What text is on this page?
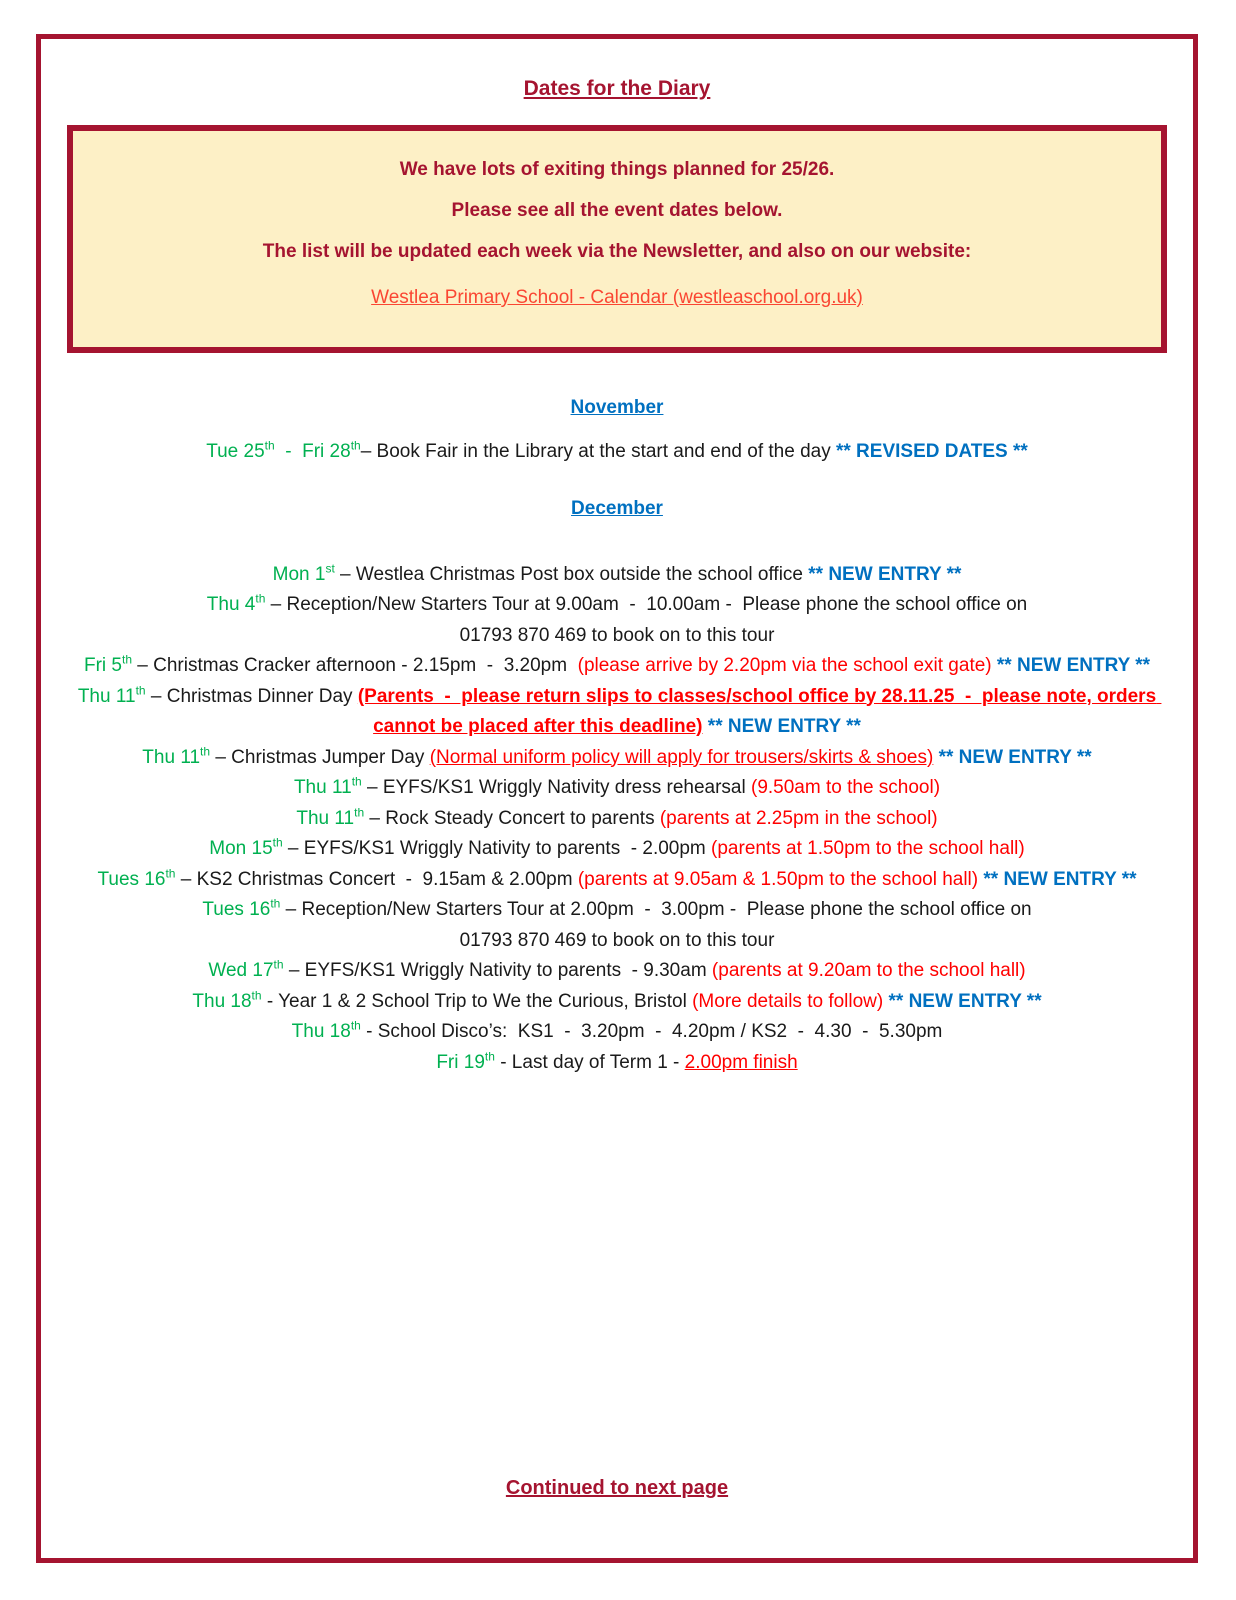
Dates for the Diary
We have lots of exiting things planned for 25/26.
Please see all the event dates below.
The list will be updated each week via the Newsletter, and also on our website:
Westlea Primary School - Calendar (westleaschool.org.uk)
November
Tue 25th  -  Fri 28th– Book Fair in the Library at the start and end of the day ** REVISED DATES **
December
Mon 1st – Westlea Christmas Post box outside the school office ** NEW ENTRY **
Thu 4th – Reception/New Starters Tour at 9.00am  -  10.00am -  Please phone the school office on
01793 870 469 to book on to this tour
Fri 5th – Christmas Cracker afternoon - 2.15pm  -  3.20pm  (please arrive by 2.20pm via the school exit gate) ** NEW ENTRY **
Thu 11th – Christmas Dinner Day (Parents  -  please return slips to classes/school office by 28.11.25  -  please note, orders cannot be placed after this deadline) ** NEW ENTRY **
Thu 11th – Christmas Jumper Day (Normal uniform policy will apply for trousers/skirts & shoes) ** NEW ENTRY **
Thu 11th – EYFS/KS1 Wriggly Nativity dress rehearsal (9.50am to the school)
Thu 11th – Rock Steady Concert to parents (parents at 2.25pm in the school)
Mon 15th – EYFS/KS1 Wriggly Nativity to parents  - 2.00pm (parents at 1.50pm to the school hall)
Tues 16th – KS2 Christmas Concert  -  9.15am & 2.00pm (parents at 9.05am & 1.50pm to the school hall) ** NEW ENTRY **
Tues 16th – Reception/New Starters Tour at 2.00pm  -  3.00pm -  Please phone the school office on
01793 870 469 to book on to this tour
Wed 17th – EYFS/KS1 Wriggly Nativity to parents  - 9.30am (parents at 9.20am to the school hall)
Thu 18th - Year 1 & 2 School Trip to We the Curious, Bristol (More details to follow) ** NEW ENTRY **
Thu 18th - School Disco’s:  KS1  -  3.20pm  -  4.20pm / KS2  -  4.30  -  5.30pm
Fri 19th - Last day of Term 1 - 2.00pm finish
Continued to next page
